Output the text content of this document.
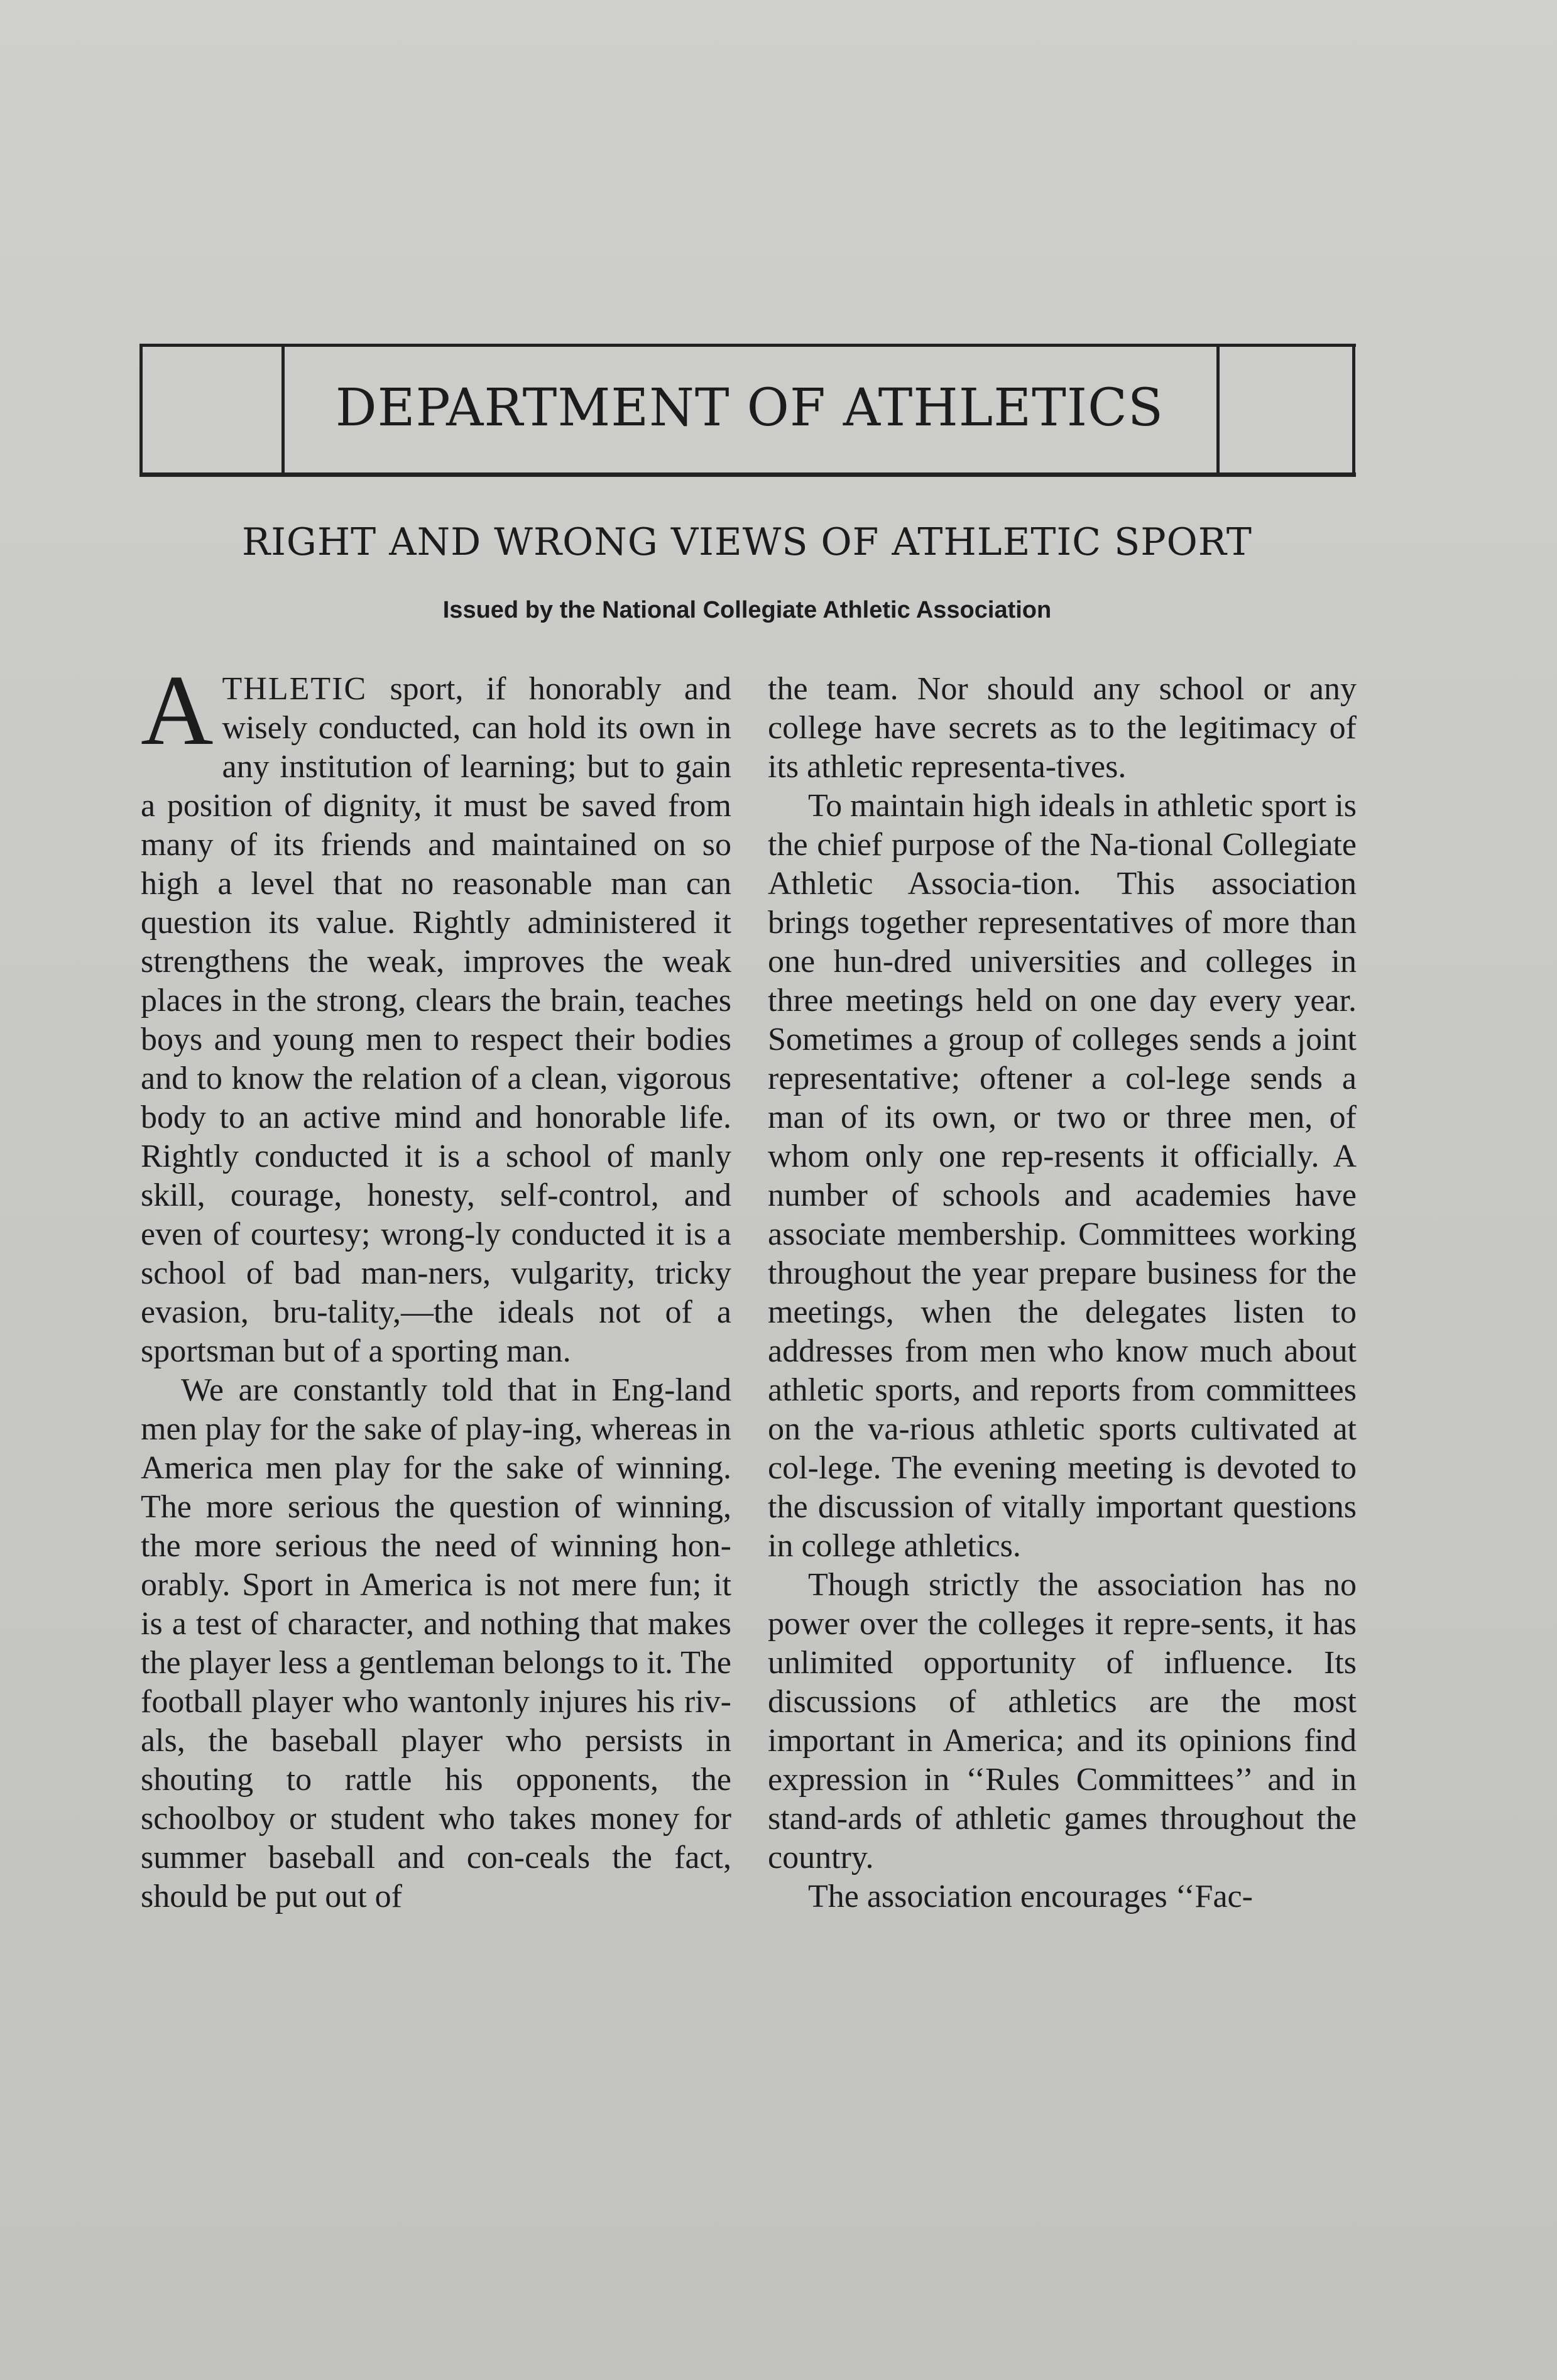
DEPARTMENT OF ATHLETICS
RIGHT AND WRONG VIEWS OF ATHLETIC SPORT
Issued by the National Collegiate Athletic Association

ATHLETIC sport, if honorably and wisely conducted, can hold its own in any institution of learning; but to gain a position of dignity, it must be saved from many of its friends and maintained on so high a level that no reasonable man can question its value. Rightly administered it strengthens the weak, improves the weak places in the strong, clears the brain, teaches boys and young men to respect their bodies and to know the relation of a clean, vigorous body to an active mind and honorable life. Rightly conducted it is a school of manly skill, courage, honesty, self-control, and even of courtesy; wrong-ly conducted it is a school of bad man-ners, vulgarity, tricky evasion, bru-tality,—the ideals not of a sportsman but of a sporting man.

We are constantly told that in Eng-land men play for the sake of play-ing, whereas in America men play for the sake of winning. The more serious the question of winning, the more serious the need of winning hon-orably. Sport in America is not mere fun; it is a test of character, and nothing that makes the player less a gentleman belongs to it. The football player who wantonly injures his riv-als, the baseball player who persists in shouting to rattle his opponents, the schoolboy or student who takes money for summer baseball and con-ceals the fact, should be put out of

the team. Nor should any school or any college have secrets as to the legitimacy of its athletic representa-tives.

To maintain high ideals in athletic sport is the chief purpose of the Na-tional Collegiate Athletic Associa-tion. This association brings together representatives of more than one hun-dred universities and colleges in three meetings held on one day every year. Sometimes a group of colleges sends a joint representative; oftener a col-lege sends a man of its own, or two or three men, of whom only one rep-resents it officially. A number of schools and academies have associate membership. Committees working throughout the year prepare business for the meetings, when the delegates listen to addresses from men who know much about athletic sports, and reports from committees on the va-rious athletic sports cultivated at col-lege. The evening meeting is devoted to the discussion of vitally important questions in college athletics.

Though strictly the association has no power over the colleges it repre-sents, it has unlimited opportunity of influence. Its discussions of athletics are the most important in America; and its opinions find expression in ‘‘Rules Committees’’ and in stand-ards of athletic games throughout the country.

The association encourages ‘‘Fac-
